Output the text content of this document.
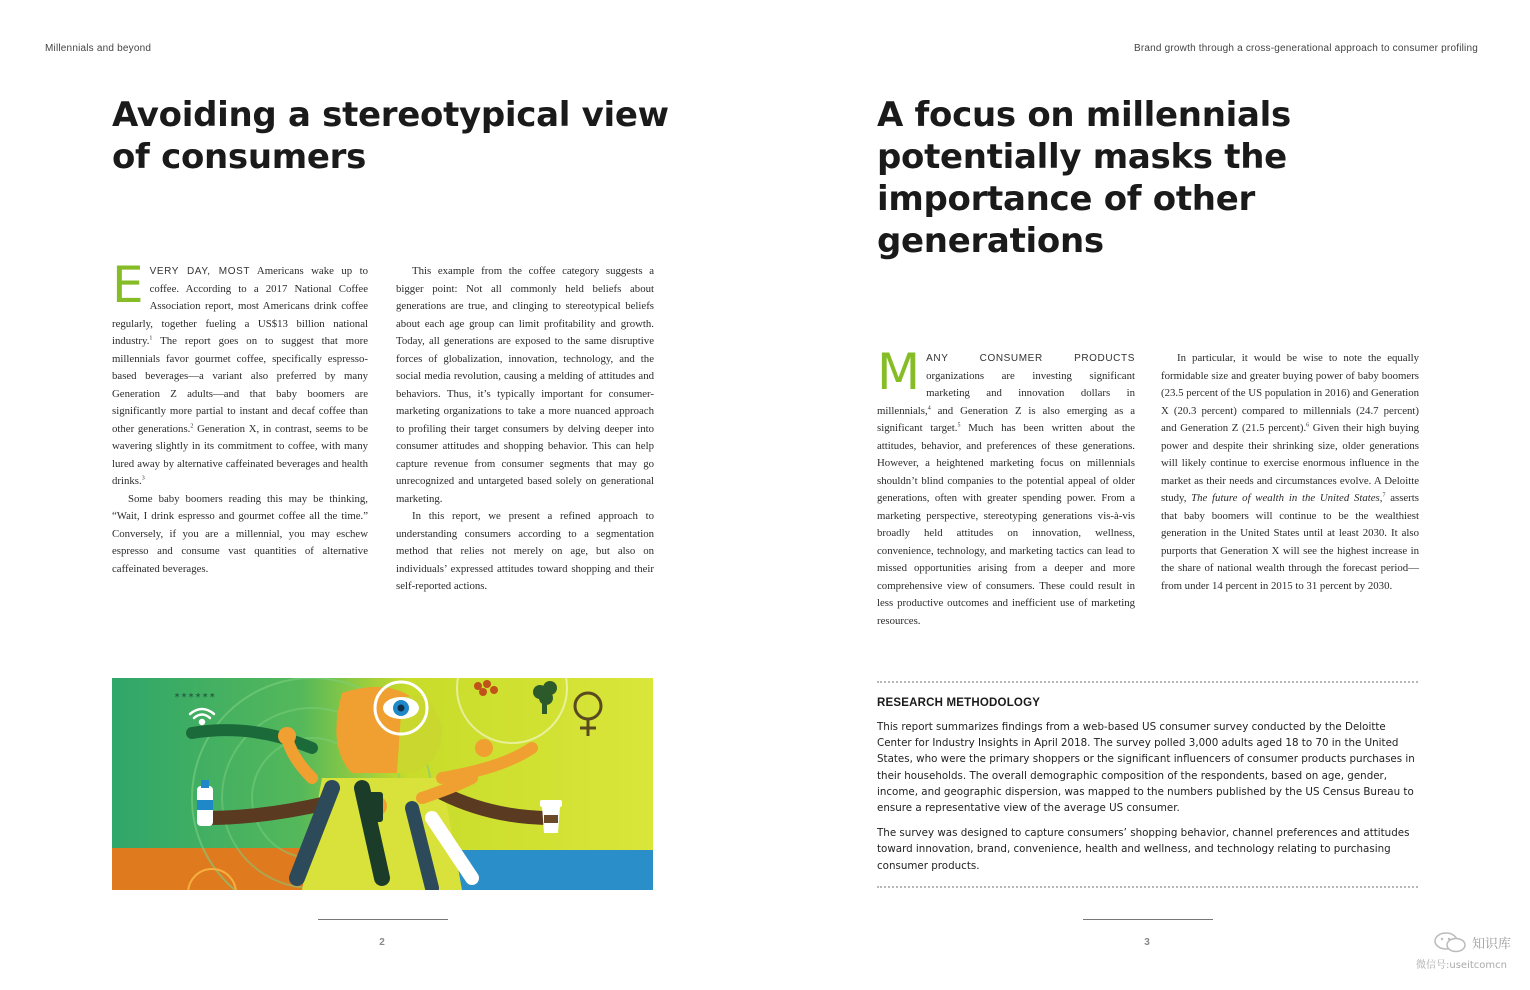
Millennials and beyond	Brand growth through a cross-generational approach to consumer profiling
Avoiding a stereotypical view of consumers

EVERY DAY, MOST Americans wake up to coffee. According to a 2017 National Coffee Association report, most Americans drink coffee regularly, together fueling a US$13 billion national industry.$^1$ The report goes on to suggest that more millennials favor gourmet coffee, specifically espresso-based beverages—a variant also preferred by many Generation Z adults—and that baby boomers are significantly more partial to instant and decaf coffee than other generations.$^2$ Generation X, in contrast, seems to be wavering slightly in its commitment to coffee, with many lured away by alternative caffeinated beverages and health drinks.$^3$

Some baby boomers reading this may be thinking, “Wait, I drink espresso and gourmet coffee all the time.” Conversely, if you are a millennial, you may eschew espresso and consume vast quantities of alternative caffeinated beverages.

This example from the coffee category suggests a bigger point: Not all commonly held beliefs about generations are true, and clinging to stereotypical beliefs about each age group can limit profitability and growth. Today, all generations are exposed to the same disruptive forces of globalization, innovation, technology, and the social media revolution, causing a melding of attitudes and behaviors. Thus, it’s typically important for consumer-marketing organizations to take a more nuanced approach to profiling their target consumers by delving deeper into consumer attitudes and shopping behavior. This can help capture revenue from consumer segments that may go unrecognized and untargeted based solely on generational marketing.

In this report, we present a refined approach to understanding consumers according to a segmentation method that relies not merely on age, but also on individuals’ expressed attitudes toward shopping and their self-reported actions.

******
2
A focus on millennials potentially masks the importance of other generations

MANY CONSUMER PRODUCTS organizations are investing significant marketing and innovation dollars in millennials,$^4$ and Generation Z is also emerging as a significant target.$^5$ Much has been written about the attitudes, behavior, and preferences of these generations. However, a heightened marketing focus on millennials shouldn’t blind companies to the potential appeal of older generations, often with greater spending power. From a marketing perspective, stereotyping generations vis-à-vis broadly held attitudes on innovation, wellness, convenience, technology, and marketing tactics can lead to missed opportunities arising from a deeper and more comprehensive view of consumers. These could result in less productive outcomes and inefficient use of marketing resources.

In particular, it would be wise to note the equally formidable size and greater buying power of baby boomers (23.5 percent of the US population in 2016) and Generation X (20.3 percent) compared to millennials (24.7 percent) and Generation Z (21.5 percent).$^6$ Given their high buying power and despite their shrinking size, older generations will likely continue to exercise enormous influence in the market as their needs and circumstances evolve. A Deloitte study, The future of wealth in the United States,$^7$ asserts that baby boomers will continue to be the wealthiest generation in the United States until at least 2030. It also purports that Generation X will see the highest increase in the share of national wealth through the forecast period—from under 14 percent in 2015 to 31 percent by 2030.

RESEARCH METHODOLOGY

This report summarizes findings from a web-based US consumer survey conducted by the Deloitte Center for Industry Insights in April 2018. The survey polled 3,000 adults aged 18 to 70 in the United States, who were the primary shoppers or the significant influencers of consumer products purchases in their households. The overall demographic composition of the respondents, based on age, gender, income, and geographic dispersion, was mapped to the numbers published by the US Census Bureau to ensure a representative view of the average US consumer.

The survey was designed to capture consumers’ shopping behavior, channel preferences and attitudes toward innovation, brand, convenience, health and wellness, and technology relating to purchasing consumer products.

3	知识库
微信号:useitcomcn
